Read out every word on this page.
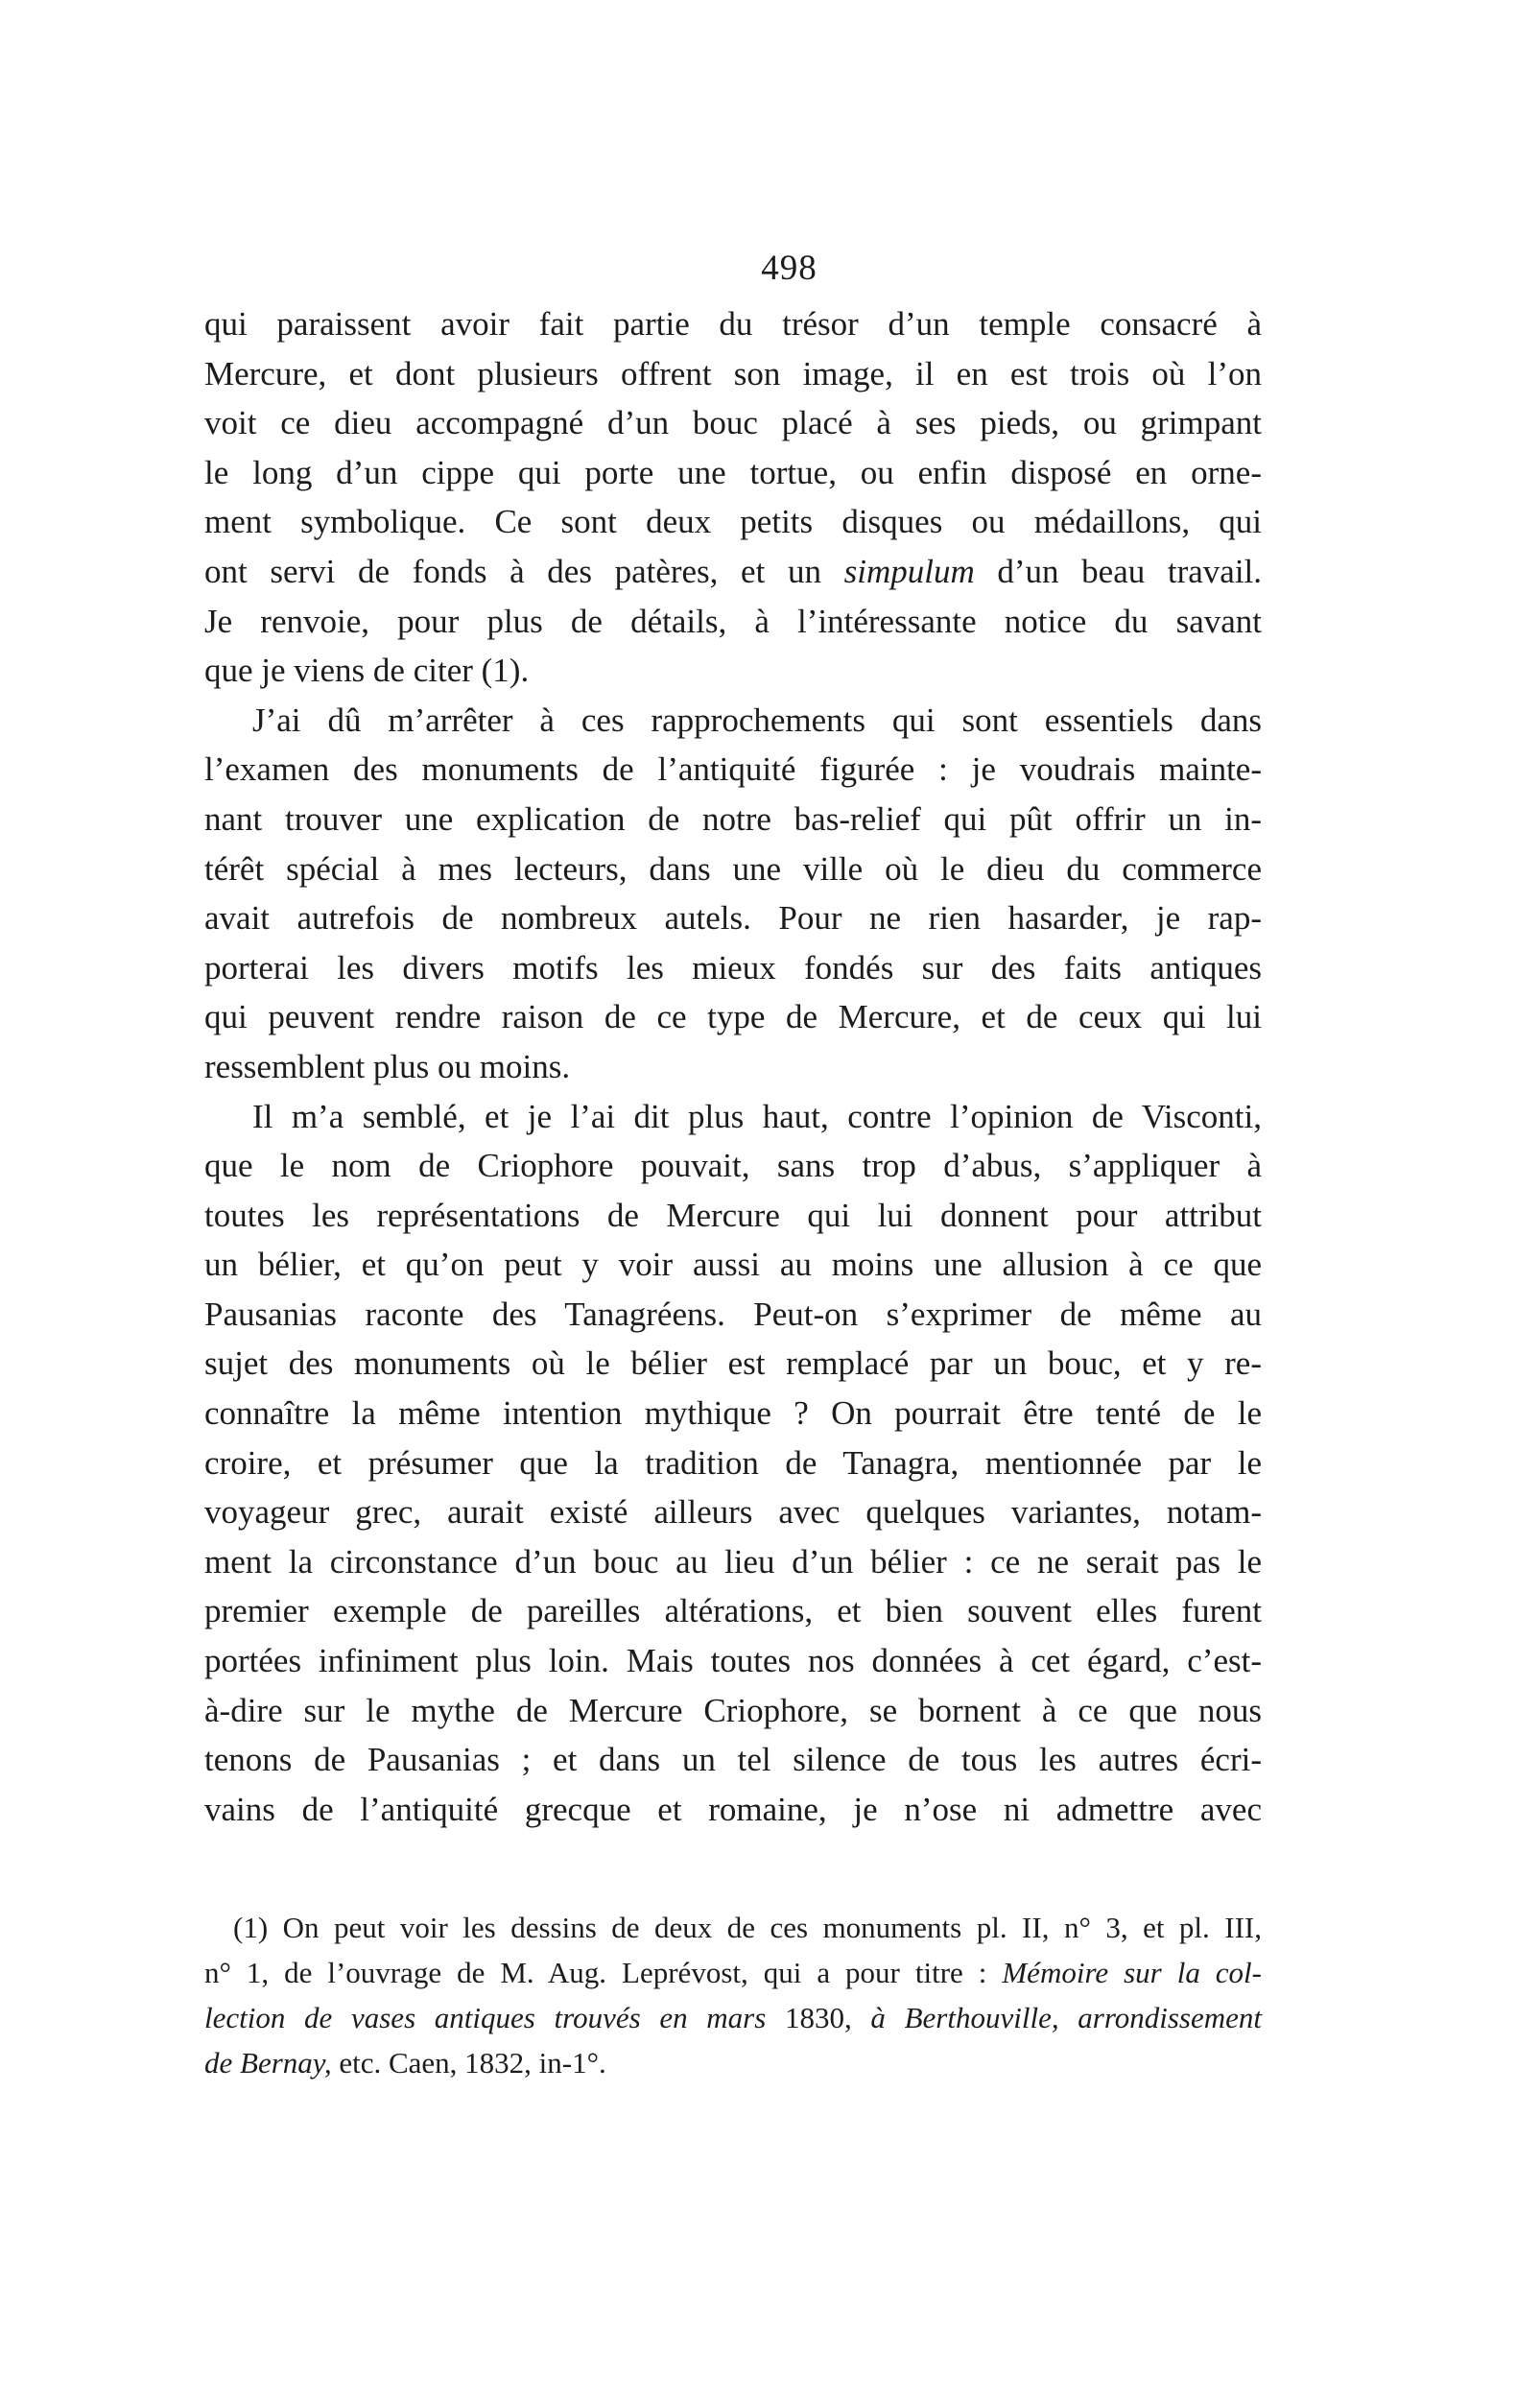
498
qui paraissent avoir fait partie du trésor d’un temple consacré à
Mercure, et dont plusieurs offrent son image, il en est trois où l’on
voit ce dieu accompagné d’un bouc placé à ses pieds, ou grimpant
le long d’un cippe qui porte une tortue, ou enfin disposé en orne-
ment symbolique. Ce sont deux petits disques ou médaillons, qui
ont servi de fonds à des patères, et un simpulum d’un beau travail.
Je renvoie, pour plus de détails, à l’intéressante notice du savant
que je viens de citer (1).
J’ai dû m’arrêter à ces rapprochements qui sont essentiels dans
l’examen des monuments de l’antiquité figurée : je voudrais mainte-
nant trouver une explication de notre bas-relief qui pût offrir un in-
térêt spécial à mes lecteurs, dans une ville où le dieu du commerce
avait autrefois de nombreux autels. Pour ne rien hasarder, je rap-
porterai les divers motifs les mieux fondés sur des faits antiques
qui peuvent rendre raison de ce type de Mercure, et de ceux qui lui
ressemblent plus ou moins.
Il m’a semblé, et je l’ai dit plus haut, contre l’opinion de Visconti,
que le nom de Criophore pouvait, sans trop d’abus, s’appliquer à
toutes les représentations de Mercure qui lui donnent pour attribut
un bélier, et qu’on peut y voir aussi au moins une allusion à ce que
Pausanias raconte des Tanagréens. Peut-on s’exprimer de même au
sujet des monuments où le bélier est remplacé par un bouc, et y re-
connaître la même intention mythique ? On pourrait être tenté de le
croire, et présumer que la tradition de Tanagra, mentionnée par le
voyageur grec, aurait existé ailleurs avec quelques variantes, notam-
ment la circonstance d’un bouc au lieu d’un bélier : ce ne serait pas le
premier exemple de pareilles altérations, et bien souvent elles furent
portées infiniment plus loin. Mais toutes nos données à cet égard, c’est-
à-dire sur le mythe de Mercure Criophore, se bornent à ce que nous
tenons de Pausanias ; et dans un tel silence de tous les autres écri-
vains de l’antiquité grecque et romaine, je n’ose ni admettre avec
(1) On peut voir les dessins de deux de ces monuments pl. II, n° 3, et pl. III,
n° 1, de l’ouvrage de M. Aug. Leprévost, qui a pour titre : Mémoire sur la col-
lection de vases antiques trouvés en mars 1830, à Berthouville, arrondissement
de Bernay, etc. Caen, 1832, in-1°.
